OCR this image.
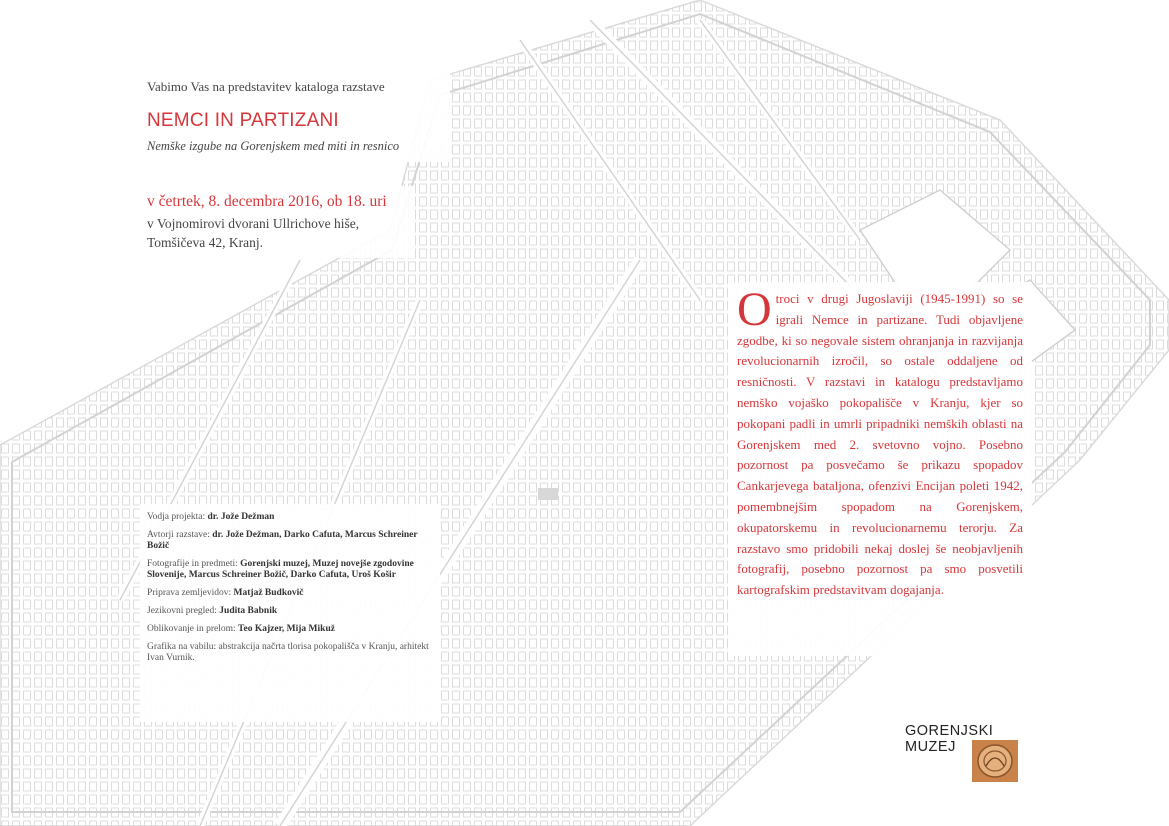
Vabimo Vas na predstavitev kataloga razstave
NEMCI IN PARTIZANI
Nemške izgube na Gorenjskem med miti in resnico
v četrtek, 8. decembra 2016, ob 18. uri
v Vojnomirovi dvorani Ullrichove hiše,
Tomšičeva 42, Kranj.
Vodja projekta: dr. Jože Dežman
Avtorji razstave: dr. Jože Dežman, Darko Cafuta, Marcus Schreiner Božič
Fotografije in predmeti: Gorenjski muzej, Muzej novejše zgodovine Slovenije, Marcus Schreiner Božič, Darko Cafuta, Uroš Košir
Priprava zemljevidov: Matjaž Budkovič
Jezikovni pregled: Judita Babnik
Oblikovanje in prelom: Teo Kajzer, Mija Mikuž
Grafika na vabilu: abstrakcija načrta tlorisa pokopališča v Kranju, arhitekt Ivan Vurnik.
Otroci v drugi Jugoslaviji (1945-1991) so se igrali Nemce in partizane. Tudi objavljene zgodbe, ki so negovale sistem ohranjanja in razvijanja revolucionarnih izročil, so ostale oddaljene od resničnosti. V razstavi in katalogu predstavljamo nemško vojaško pokopališče v Kranju, kjer so pokopani padli in umrli pripadniki nemških oblasti na Gorenjskem med 2. svetovno vojno. Posebno pozornost pa posvečamo še prikazu spopadov Cankarjevega bataljona, ofenzivi Encijan poleti 1942, pomembnejšim spopadom na Gorenjskem, okupatorskemu in revolucionarnemu terorju. Za razstavo smo pridobili nekaj doslej še neobjavljenih fotografij, posebno pozornost pa smo posvetili kartografskim predstavitvam dogajanja.
GORENJSKI
MUZEJ
